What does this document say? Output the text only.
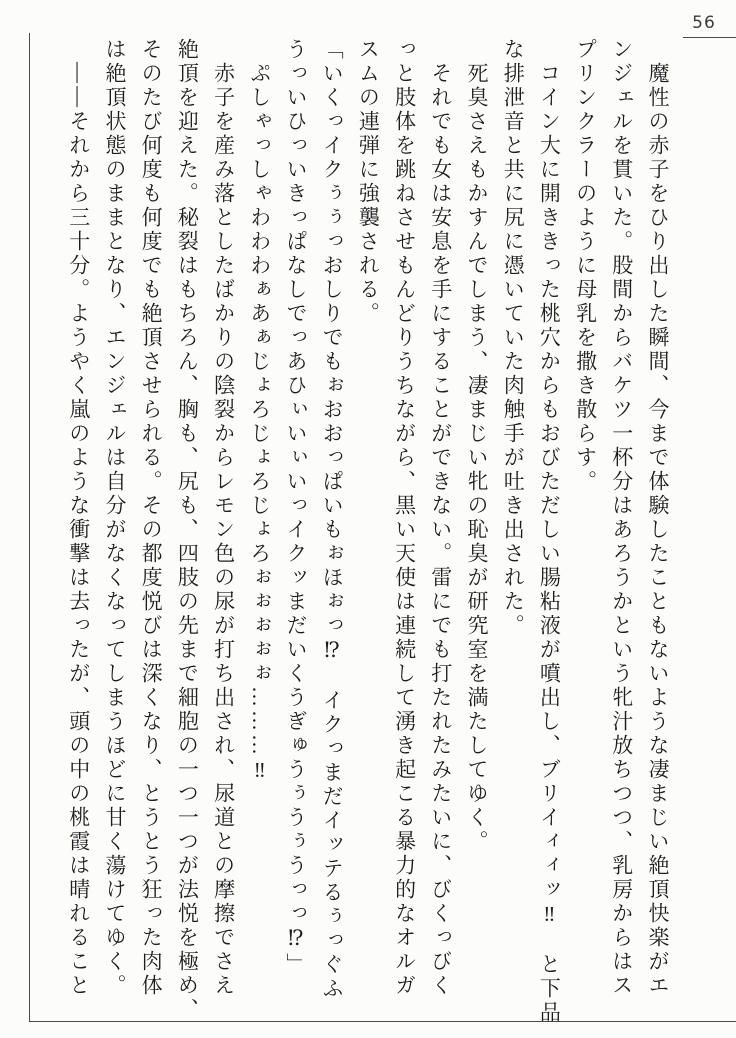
56

魔性の赤子をひり出した瞬間、今まで体験したこともないような凄まじい絶頂快楽がエ

ンジェルを貫いた。股間からバケツ一杯分はあろうかという牝汁放ちつつ、乳房からはス

プリンクラーのように母乳を撒き散らす。

コイン大に開ききった桃穴からもおびただしい腸粘液が噴出し、ブリイィィッ‼　と下品

な排泄音と共に尻に憑いていた肉触手が吐き出された。

死臭さえもかすんでしまう、凄まじい牝の恥臭が研究室を満たしてゆく。

それでも女は安息を手にすることができない。雷にでも打たれたみたいに、びくっびく

っと肢体を跳ねさせもんどりうちながら、黒い天使は連続して湧き起こる暴力的なオルガ

スムの連弾に強襲される。

「いくっイクぅぅっおしりでもぉおおっぱいもぉほぉっ⁉　イクっまだイッテるぅっぐふ

うっいひっいきっぱなしでっあひぃいぃいっイクッまだいくうぎゅうぅうぅうっっ⁉」

ぷしゃっしゃわわわぁあぁじょろじょろじょろぉぉぉぉぉ………‼

赤子を産み落としたばかりの陰裂からレモン色の尿が打ち出され、尿道との摩擦でさえ

絶頂を迎えた。秘裂はもちろん、胸も、尻も、四肢の先まで細胞の一つ一つが法悦を極め、

そのたび何度も何度でも絶頂させられる。その都度悦びは深くなり、とうとう狂った肉体

は絶頂状態のままとなり、エンジェルは自分がなくなってしまうほどに甘く蕩けてゆく。

――それから三十分。ようやく嵐のような衝撃は去ったが、頭の中の桃霞は晴れること
